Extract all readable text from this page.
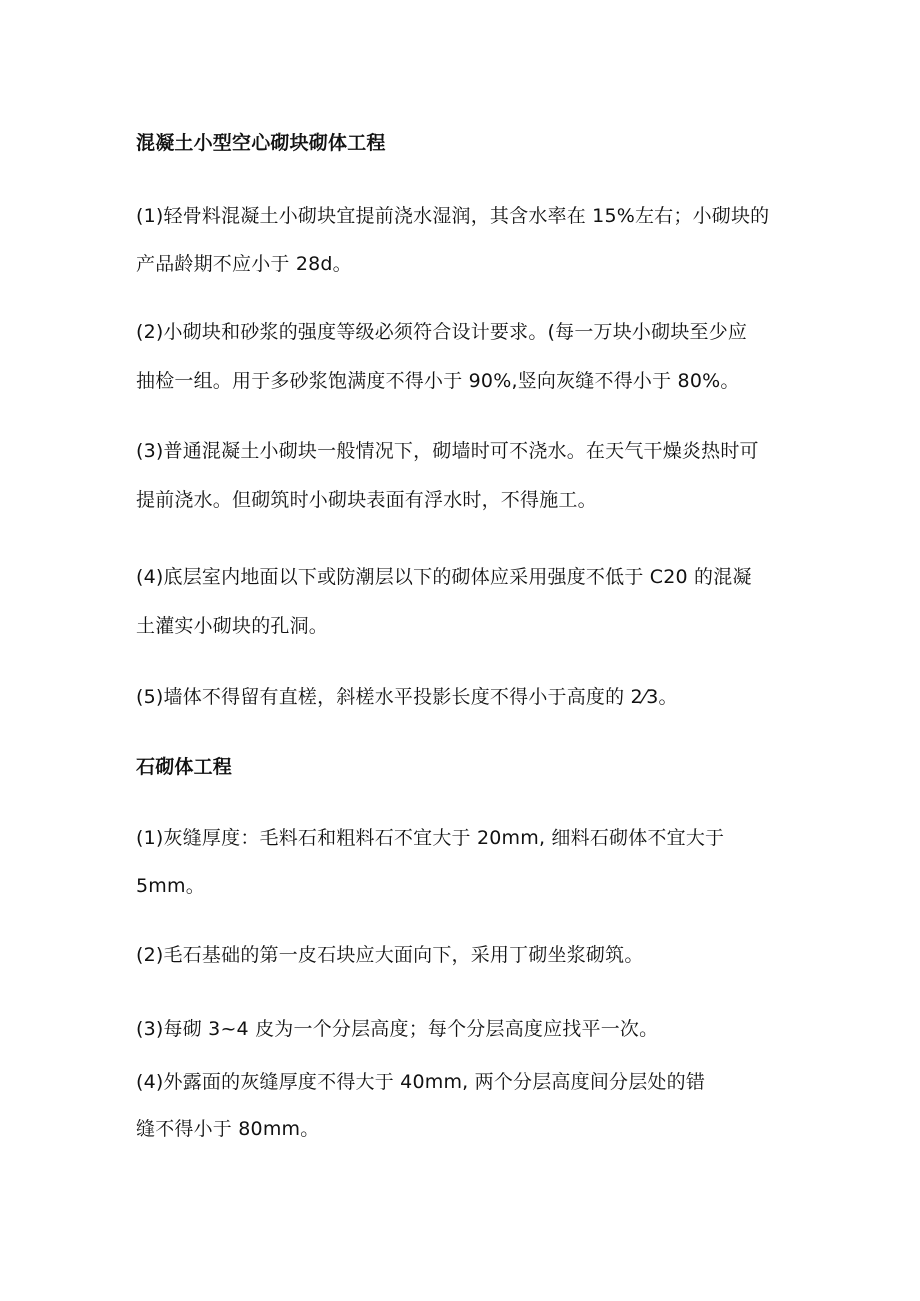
混凝土小型空心砌块砌体工程

(1)轻骨料混凝土小砌块宜提前浇水湿润，其含水率在 15%左右；小砌块的

产品龄期不应小于 28d。

(2)小砌块和砂浆的强度等级必须符合设计要求。(每一万块小砌块至少应

抽检一组。用于多砂浆饱满度不得小于 90%,竖向灰缝不得小于 80%。

(3)普通混凝土小砌块一般情况下，砌墙时可不浇水。在天气干燥炎热时可

提前浇水。但砌筑时小砌块表面有浮水时，不得施工。

(4)底层室内地面以下或防潮层以下的砌体应采用强度不低于 C20 的混凝

土灌实小砌块的孔洞。

(5)墙体不得留有直槎，斜槎水平投影长度不得小于高度的 2⁄3。

石砌体工程

(1)灰缝厚度：毛料石和粗料石不宜大于 20mm, 细料石砌体不宜大于

5mm。

(2)毛石基础的第一皮石块应大面向下，采用丁砌坐浆砌筑。

(3)每砌 3~4 皮为一个分层高度；每个分层高度应找平一次。

(4)外露面的灰缝厚度不得大于 40mm, 两个分层高度间分层处的错

缝不得小于 80mm。
